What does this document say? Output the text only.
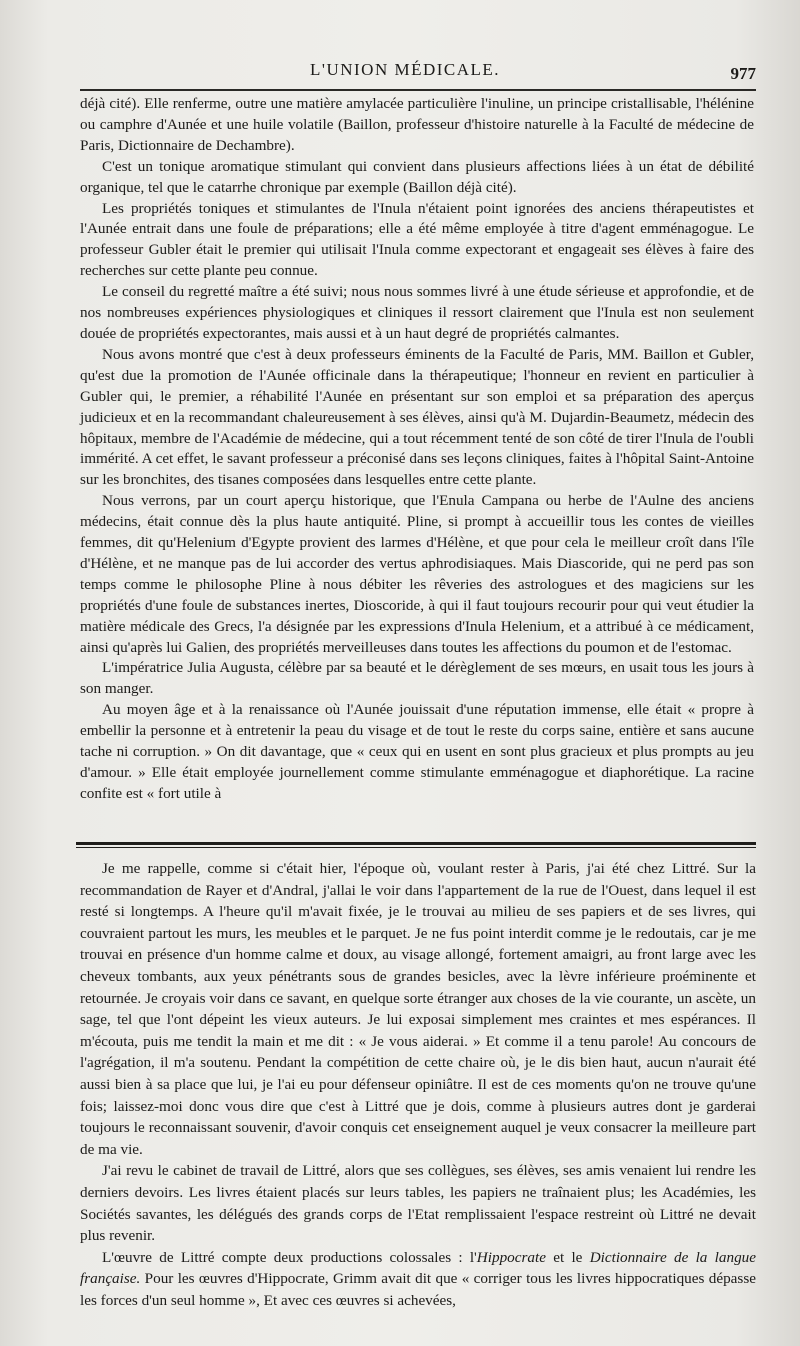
L'UNION MÉDICALE.	977

déjà cité). Elle renferme, outre une matière amylacée particulière l'inuline, un principe cristallisable, l'hélénine ou camphre d'Aunée et une huile volatile (Baillon, professeur d'histoire naturelle à la Faculté de médecine de Paris, Dictionnaire de Dechambre).

C'est un tonique aromatique stimulant qui convient dans plusieurs affections liées à un état de débilité organique, tel que le catarrhe chronique par exemple (Baillon déjà cité).

Les propriétés toniques et stimulantes de l'Inula n'étaient point ignorées des anciens thérapeutistes et l'Aunée entrait dans une foule de préparations; elle a été même employée à titre d'agent emménagogue. Le professeur Gubler était le premier qui utilisait l'Inula comme expectorant et engageait ses élèves à faire des recherches sur cette plante peu connue.

Le conseil du regretté maître a été suivi; nous nous sommes livré à une étude sérieuse et approfondie, et de nos nombreuses expériences physiologiques et cliniques il ressort clairement que l'Inula est non seulement douée de propriétés expectorantes, mais aussi et à un haut degré de propriétés calmantes.

Nous avons montré que c'est à deux professeurs éminents de la Faculté de Paris, MM. Baillon et Gubler, qu'est due la promotion de l'Aunée officinale dans la thérapeutique; l'honneur en revient en particulier à Gubler qui, le premier, a réhabilité l'Aunée en présentant sur son emploi et sa préparation des aperçus judicieux et en la recommandant chaleureusement à ses élèves, ainsi qu'à M. Dujardin-Beaumetz, médecin des hôpitaux, membre de l'Académie de médecine, qui a tout récemment tenté de son côté de tirer l'Inula de l'oubli immérité. A cet effet, le savant professeur a préconisé dans ses leçons cliniques, faites à l'hôpital Saint-Antoine sur les bronchites, des tisanes composées dans lesquelles entre cette plante.

Nous verrons, par un court aperçu historique, que l'Enula Campana ou herbe de l'Aulne des anciens médecins, était connue dès la plus haute antiquité. Pline, si prompt à accueillir tous les contes de vieilles femmes, dit qu'Helenium d'Egypte provient des larmes d'Hélène, et que pour cela le meilleur croît dans l'île d'Hélène, et ne manque pas de lui accorder des vertus aphrodisiaques. Mais Diascoride, qui ne perd pas son temps comme le philosophe Pline à nous débiter les rêveries des astrologues et des magiciens sur les propriétés d'une foule de substances inertes, Dioscoride, à qui il faut toujours recourir pour qui veut étudier la matière médicale des Grecs, l'a désignée par les expressions d'Inula Helenium, et a attribué à ce médicament, ainsi qu'après lui Galien, des propriétés merveilleuses dans toutes les affections du poumon et de l'estomac.

L'impératrice Julia Augusta, célèbre par sa beauté et le dérèglement de ses mœurs, en usait tous les jours à son manger.

Au moyen âge et à la renaissance où l'Aunée jouissait d'une réputation immense, elle était « propre à embellir la personne et à entretenir la peau du visage et de tout le reste du corps saine, entière et sans aucune tache ni corruption. » On dit davantage, que « ceux qui en usent en sont plus gracieux et plus prompts au jeu d'amour. » Elle était employée journellement comme stimulante emménagogue et diaphorétique. La racine confite est « fort utile à

Je me rappelle, comme si c'était hier, l'époque où, voulant rester à Paris, j'ai été chez Littré. Sur la recommandation de Rayer et d'Andral, j'allai le voir dans l'appartement de la rue de l'Ouest, dans lequel il est resté si longtemps. A l'heure qu'il m'avait fixée, je le trouvai au milieu de ses papiers et de ses livres, qui couvraient partout les murs, les meubles et le parquet. Je ne fus point interdit comme je le redoutais, car je me trouvai en présence d'un homme calme et doux, au visage allongé, fortement amaigri, au front large avec les cheveux tombants, aux yeux pénétrants sous de grandes besicles, avec la lèvre inférieure proéminente et retournée. Je croyais voir dans ce savant, en quelque sorte étranger aux choses de la vie courante, un ascète, un sage, tel que l'ont dépeint les vieux auteurs. Je lui exposai simplement mes craintes et mes espérances. Il m'écouta, puis me tendit la main et me dit : « Je vous aiderai. » Et comme il a tenu parole! Au concours de l'agrégation, il m'a soutenu. Pendant la compétition de cette chaire où, je le dis bien haut, aucun n'aurait été aussi bien à sa place que lui, je l'ai eu pour défenseur opiniâtre. Il est de ces moments qu'on ne trouve qu'une fois; laissez-moi donc vous dire que c'est à Littré que je dois, comme à plusieurs autres dont je garderai toujours le reconnaissant souvenir, d'avoir conquis cet enseignement auquel je veux consacrer la meilleure part de ma vie.

J'ai revu le cabinet de travail de Littré, alors que ses collègues, ses élèves, ses amis venaient lui rendre les derniers devoirs. Les livres étaient placés sur leurs tables, les papiers ne traînaient plus; les Académies, les Sociétés savantes, les délégués des grands corps de l'Etat remplissaient l'espace restreint où Littré ne devait plus revenir.

L'œuvre de Littré compte deux productions colossales : l'Hippocrate et le Dictionnaire de la langue française. Pour les œuvres d'Hippocrate, Grimm avait dit que « corriger tous les livres hippocratiques dépasse les forces d'un seul homme », Et avec ces œuvres si achevées,
